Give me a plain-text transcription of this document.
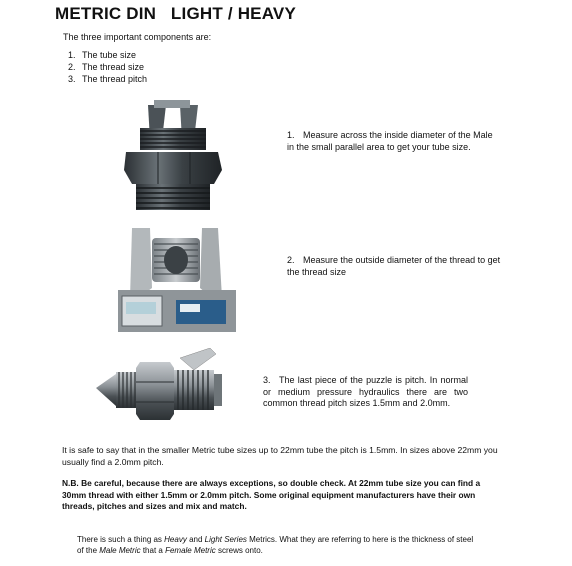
METRIC DIN   LIGHT / HEAVY
The three important components are:
1. The tube size
2. The thread size
3. The thread pitch
1. Measure across the inside diameter of the Male in the small parallel area to get your tube size.
2. Measure the outside diameter of the thread to get the thread size
3. The last piece of the puzzle is pitch. In normal or medium pressure hydraulics there are two common thread pitch sizes 1.5mm and 2.0mm.
It is safe to say that in the smaller Metric tube sizes up to 22mm tube the pitch is 1.5mm. In sizes above 22mm you usually find a 2.0mm pitch.
N.B. Be careful, because there are always exceptions, so double check. At 22mm tube size you can find a 30mm thread with either 1.5mm or 2.0mm pitch. Some original equipment manufacturers have their own threads, pitches and sizes and mix and match.
There is such a thing as Heavy and Light Series Metrics. What they are referring to here is the thickness of steel of the Male Metric that a Female Metric screws onto.
